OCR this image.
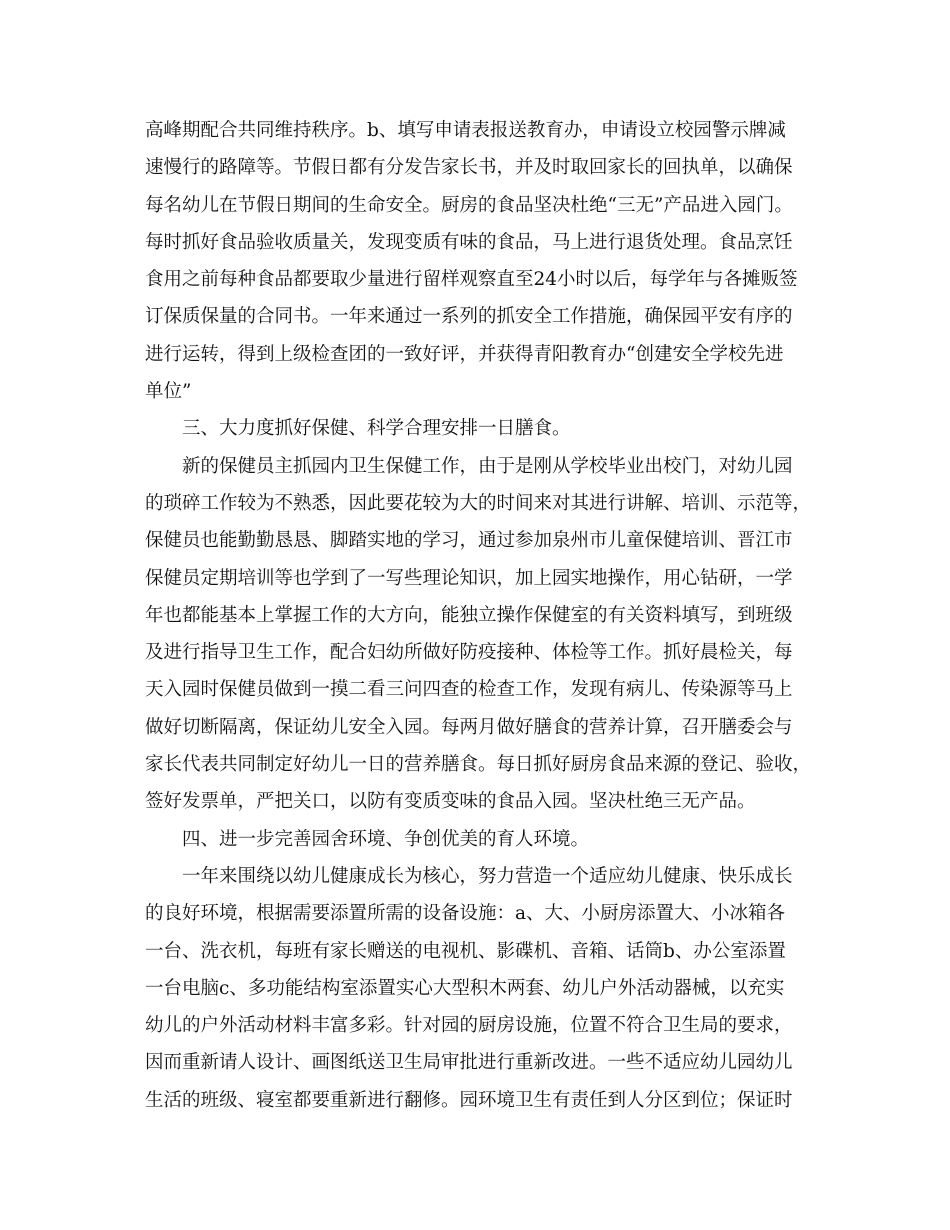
高峰期配合共同维持秩序。b、填写申请表报送教育办，申请设立校园警示牌减
速慢行的路障等。节假日都有分发告家长书，并及时取回家长的回执单，以确保
每名幼儿在节假日期间的生命安全。厨房的食品坚决杜绝“三无”产品进入园门。
每时抓好食品验收质量关，发现变质有味的食品，马上进行退货处理。食品烹饪
食用之前每种食品都要取少量进行留样观察直至24小时以后，每学年与各摊贩签
订保质保量的合同书。一年来通过一系列的抓安全工作措施，确保园平安有序的
进行运转，得到上级检查团的一致好评，并获得青阳教育办“创建安全学校先进
单位”
三、大力度抓好保健、科学合理安排一日膳食。
新的保健员主抓园内卫生保健工作，由于是刚从学校毕业出校门，对幼儿园
的琐碎工作较为不熟悉，因此要花较为大的时间来对其进行讲解、培训、示范等，
保健员也能勤勤恳恳、脚踏实地的学习，通过参加泉州市儿童保健培训、晋江市
保健员定期培训等也学到了一写些理论知识，加上园实地操作，用心钻研，一学
年也都能基本上掌握工作的大方向，能独立操作保健室的有关资料填写，到班级
及进行指导卫生工作，配合妇幼所做好防疫接种、体检等工作。抓好晨检关，每
天入园时保健员做到一摸二看三问四查的检查工作，发现有病儿、传染源等马上
做好切断隔离，保证幼儿安全入园。每两月做好膳食的营养计算，召开膳委会与
家长代表共同制定好幼儿一日的营养膳食。每日抓好厨房食品来源的登记、验收，
签好发票单，严把关口，以防有变质变味的食品入园。坚决杜绝三无产品。
四、进一步完善园舍环境、争创优美的育人环境。
一年来围绕以幼儿健康成长为核心，努力营造一个适应幼儿健康、快乐成长
的良好环境，根据需要添置所需的设备设施：a、大、小厨房添置大、小冰箱各
一台、洗衣机，每班有家长赠送的电视机、影碟机、音箱、话筒b、办公室添置
一台电脑c、多功能结构室添置实心大型积木两套、幼儿户外活动器械，以充实
幼儿的户外活动材料丰富多彩。针对园的厨房设施，位置不符合卫生局的要求，
因而重新请人设计、画图纸送卫生局审批进行重新改进。一些不适应幼儿园幼儿
生活的班级、寝室都要重新进行翻修。园环境卫生有责任到人分区到位；保证时
